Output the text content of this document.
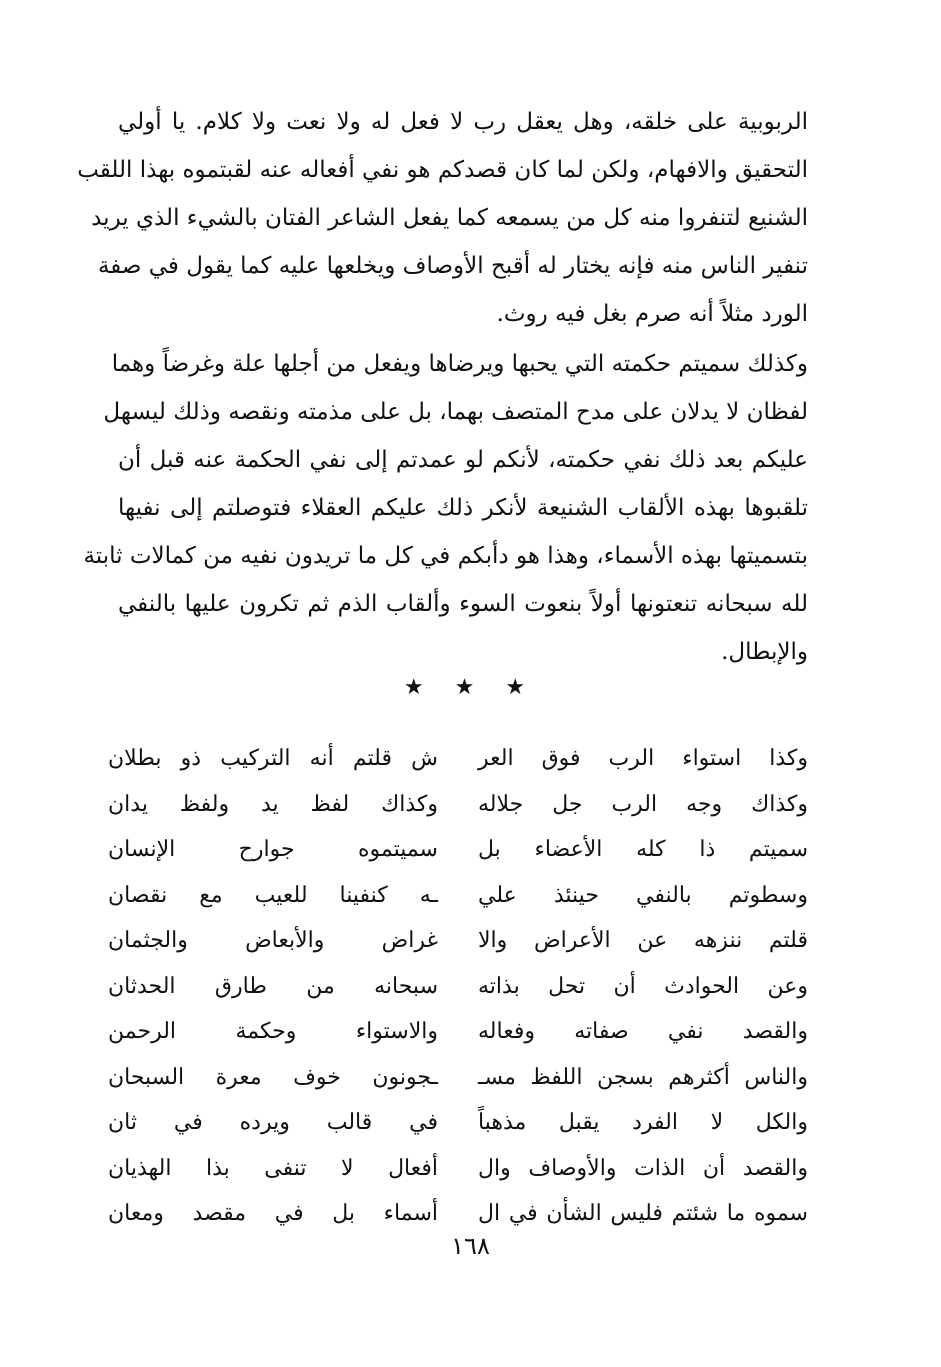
الربوبية على خلقه، وهل يعقل رب لا فعل له ولا نعت ولا كلام. يا أولي
التحقيق والافهام، ولكن لما كان قصدكم هو نفي أفعاله عنه لقبتموه بهذا اللقب
الشنيع لتنفروا منه كل من يسمعه كما يفعل الشاعر الفتان بالشيء الذي يريد
تنفير الناس منه فإنه يختار له أقبح الأوصاف ويخلعها عليه كما يقول في صفة
الورد مثلاً أنه صرم بغل فيه روث.
وكذلك سميتم حكمته التي يحبها ويرضاها ويفعل من أجلها علة وغرضاً وهما
لفظان لا يدلان على مدح المتصف بهما، بل على مذمته ونقصه وذلك ليسهل
عليكم بعد ذلك نفي حكمته، لأنكم لو عمدتم إلى نفي الحكمة عنه قبل أن
تلقبوها بهذه الألقاب الشنيعة لأنكر ذلك عليكم العقلاء فتوصلتم إلى نفيها
بتسميتها بهذه الأسماء، وهذا هو دأبكم في كل ما تريدون نفيه من كمالات ثابتة
لله سبحانه تنعتونها أولاً بنعوت السوء وألقاب الذم ثم تكرون عليها بالنفي
والإبطال.
★ ★ ★
وكذا استواء الرب فوق العر
ش قلتم أنه التركيب ذو بطلان
وكذاك وجه الرب جل جلاله
وكذاك لفظ يد ولفظ يدان
سميتم ذا كله الأعضاء بل
سميتموه جوارح الإنسان
وسطوتم بالنفي حينئذ علي
ـه كنفينا للعيب مع نقصان
قلتم ننزهه عن الأعراض والا
غراض والأبعاض والجثمان
وعن الحوادث أن تحل بذاته
سبحانه من طارق الحدثان
والقصد نفي صفاته وفعاله
والاستواء وحكمة الرحمن
والناس أكثرهم بسجن اللفظ مسـ
ـجونون خوف معرة السبحان
والكل لا الفرد يقبل مذهباً
في قالب ويرده في ثان
والقصد أن الذات والأوصاف وال
أفعال لا تنفى بذا الهذيان
سموه ما شئتم فليس الشأن في ال
أسماء بل في مقصد ومعان
١٦٨
